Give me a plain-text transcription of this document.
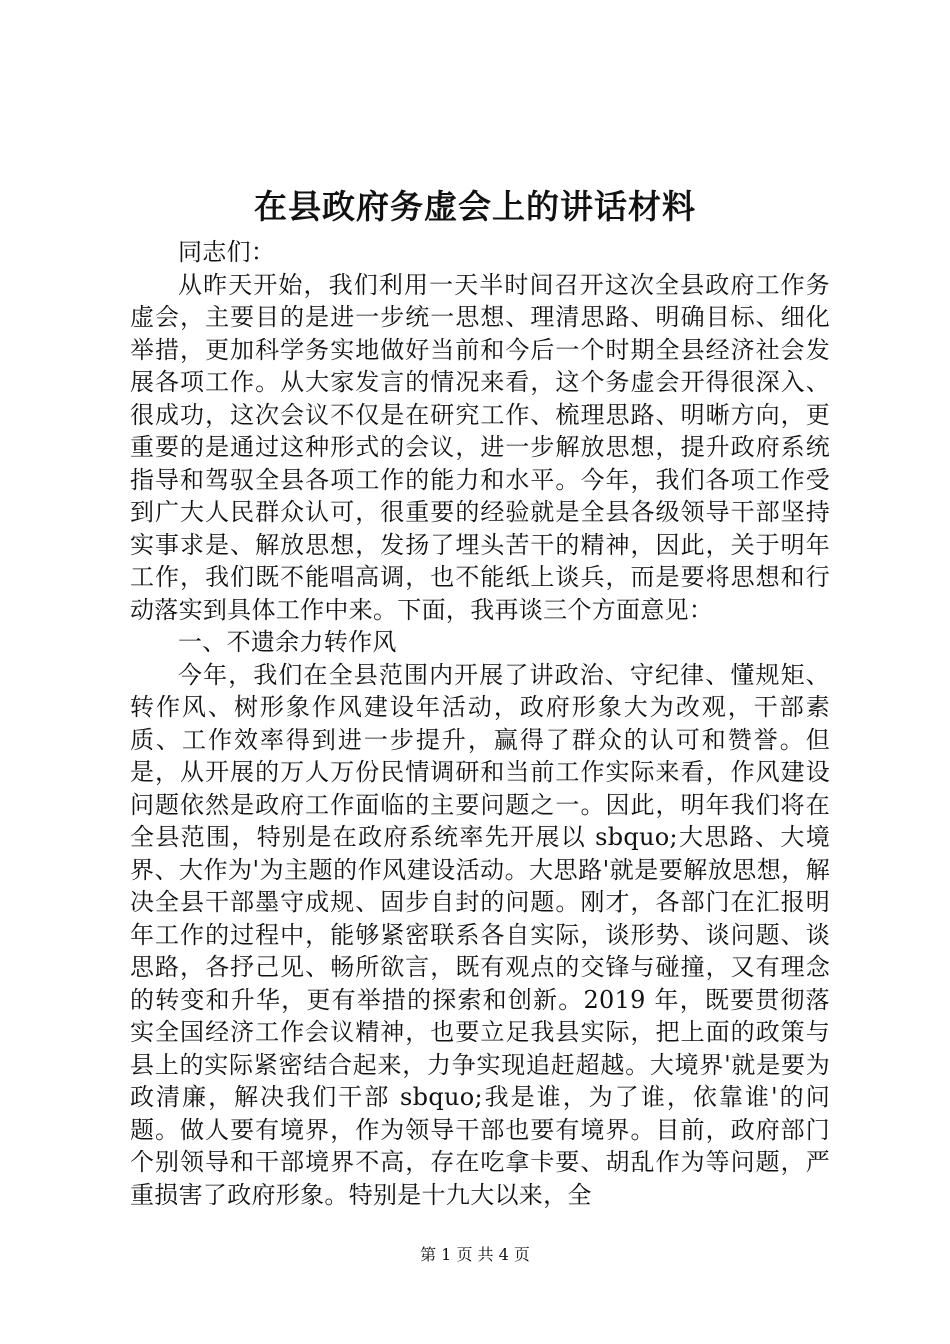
在县政府务虚会上的讲话材料

同志们：

从昨天开始，我们利用一天半时间召开这次全县政府工作务虚会，主要目的是进一步统一思想、理清思路、明确目标、细化举措，更加科学务实地做好当前和今后一个时期全县经济社会发展各项工作。从大家发言的情况来看，这个务虚会开得很深入、很成功，这次会议不仅是在研究工作、梳理思路、明晰方向，更重要的是通过这种形式的会议，进一步解放思想，提升政府系统指导和驾驭全县各项工作的能力和水平。今年，我们各项工作受到广大人民群众认可，很重要的经验就是全县各级领导干部坚持实事求是、解放思想，发扬了埋头苦干的精神，因此，关于明年工作，我们既不能唱高调，也不能纸上谈兵，而是要将思想和行动落实到具体工作中来。下面，我再谈三个方面意见：

一、不遗余力转作风

今年，我们在全县范围内开展了讲政治、守纪律、懂规矩、转作风、树形象作风建设年活动，政府形象大为改观，干部素质、工作效率得到进一步提升，赢得了群众的认可和赞誉。但是，从开展的万人万份民情调研和当前工作实际来看，作风建设问题依然是政府工作面临的主要问题之一。因此，明年我们将在全县范围，特别是在政府系统率先开展以 sbquo;大思路、大境界、大作为'为主题的作风建设活动。大思路'就是要解放思想，解决全县干部墨守成规、固步自封的问题。刚才，各部门在汇报明年工作的过程中，能够紧密联系各自实际，谈形势、谈问题、谈思路，各抒己见、畅所欲言，既有观点的交锋与碰撞，又有理念的转变和升华，更有举措的探索和创新。2019 年，既要贯彻落实全国经济工作会议精神，也要立足我县实际，把上面的政策与县上的实际紧密结合起来，力争实现追赶超越。大境界'就是要为政清廉，解决我们干部 sbquo;我是谁，为了谁，依靠谁'的问题。做人要有境界，作为领导干部也要有境界。目前，政府部门个别领导和干部境界不高，存在吃拿卡要、胡乱作为等问题，严重损害了政府形象。特别是十九大以来，全

第 1 页 共 4 页
